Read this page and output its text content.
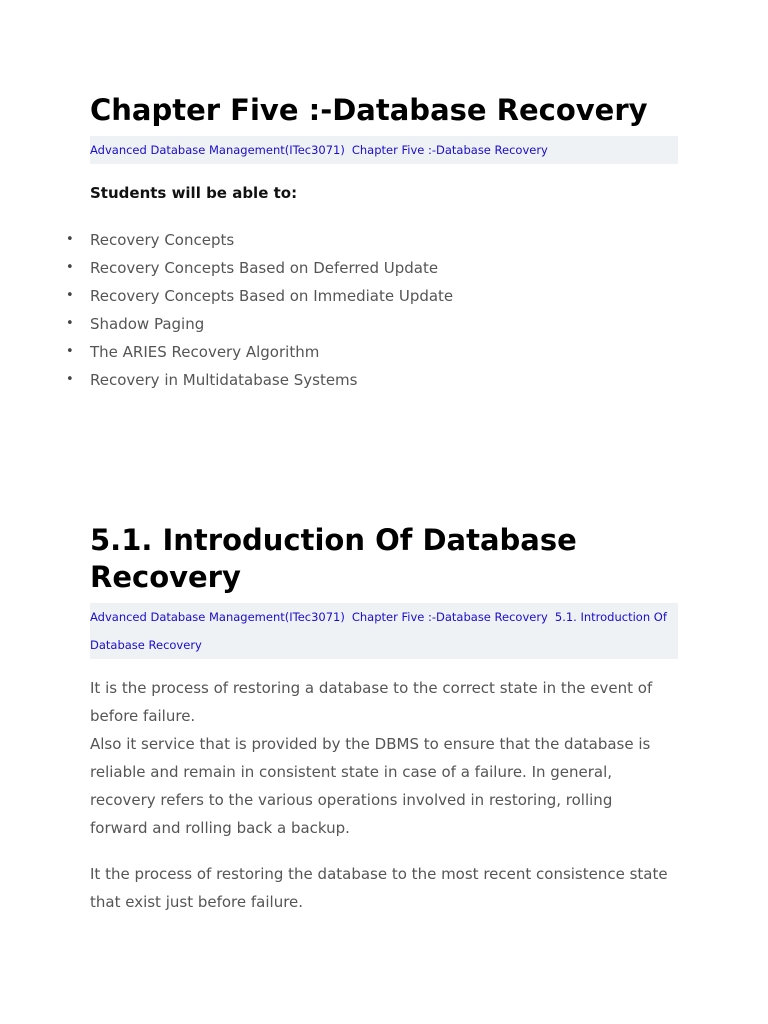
Chapter Five :-Database Recovery
Advanced Database Management(ITec3071) Chapter Five :-Database Recovery
Students will be able to:
• Recovery Concepts
• Recovery Concepts Based on Deferred Update
• Recovery Concepts Based on Immediate Update
• Shadow Paging
• The ARIES Recovery Algorithm
• Recovery in Multidatabase Systems
5.1. Introduction Of Database
Recovery
Advanced Database Management(ITec3071) Chapter Five :-Database Recovery 5.1. Introduction Of
Database Recovery
It is the process of restoring a database to the correct state in the event of
before failure.
Also it service that is provided by the DBMS to ensure that the database is
reliable and remain in consistent state in case of a failure. In general,
recovery refers to the various operations involved in restoring, rolling
forward and rolling back a backup.
It the process of restoring the database to the most recent consistence state
that exist just before failure.
